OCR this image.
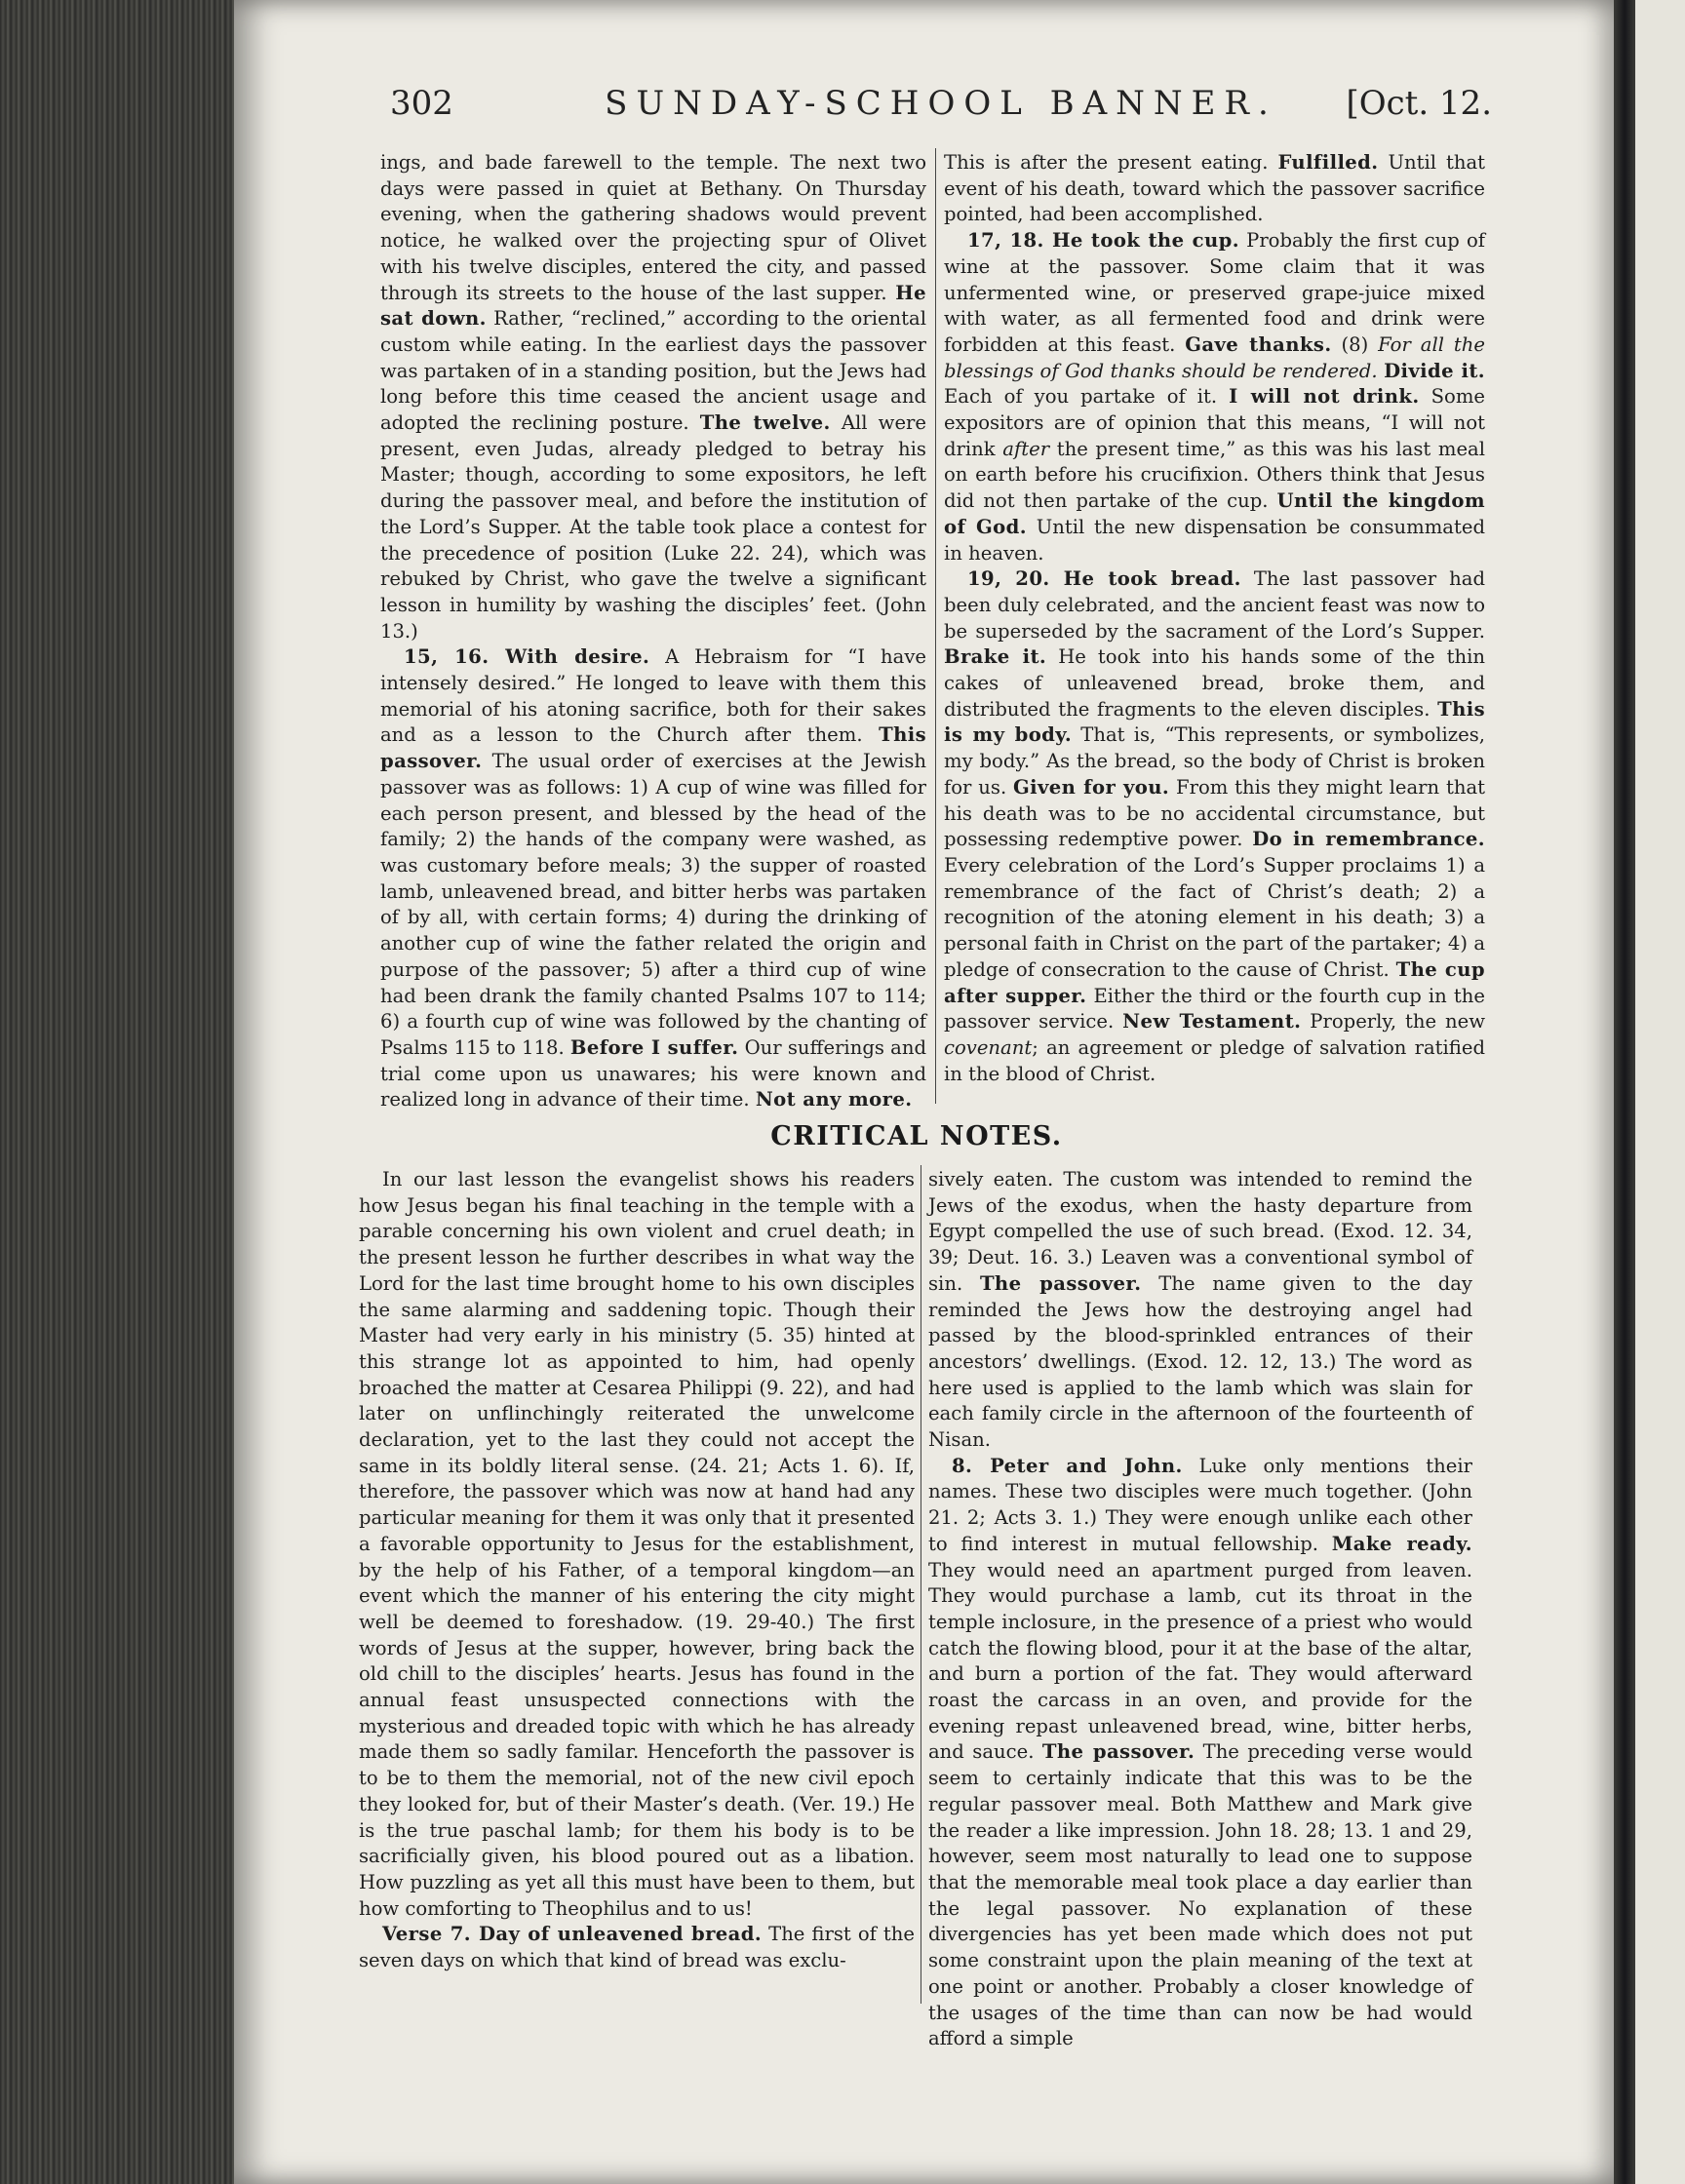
302	SUNDAY-SCHOOL BANNER.	[Oct. 12.

ings, and bade farewell to the temple. The next two days were passed in quiet at Bethany. On Thursday evening, when the gathering shadows would prevent notice, he walked over the projecting spur of Olivet with his twelve disciples, entered the city, and passed through its streets to the house of the last supper. He sat down. Rather, “reclined,” according to the oriental custom while eating. In the earliest days the passover was partaken of in a standing position, but the Jews had long before this time ceased the ancient usage and adopted the reclining posture. The twelve. All were present, even Judas, already pledged to betray his Master; though, according to some expositors, he left during the passover meal, and before the institution of the Lord’s Supper. At the table took place a contest for the precedence of position (Luke 22. 24), which was rebuked by Christ, who gave the twelve a significant lesson in humility by washing the disciples’ feet. (John 13.)

15, 16. With desire. A Hebraism for “I have intensely desired.” He longed to leave with them this memorial of his atoning sacrifice, both for their sakes and as a lesson to the Church after them. This passover. The usual order of exercises at the Jewish passover was as follows: 1) A cup of wine was filled for each person present, and blessed by the head of the family; 2) the hands of the company were washed, as was customary before meals; 3) the supper of roasted lamb, unleavened bread, and bitter herbs was partaken of by all, with certain forms; 4) during the drinking of another cup of wine the father related the origin and purpose of the passover; 5) after a third cup of wine had been drank the family chanted Psalms 107 to 114; 6) a fourth cup of wine was followed by the chanting of Psalms 115 to 118. Before I suffer. Our sufferings and trial come upon us unawares; his were known and realized long in advance of their time. Not any more.

This is after the present eating. Fulfilled. Until that event of his death, toward which the passover sacrifice pointed, had been accomplished.

17, 18. He took the cup. Probably the first cup of wine at the passover. Some claim that it was unfermented wine, or preserved grape-juice mixed with water, as all fermented food and drink were forbidden at this feast. Gave thanks. (8) For all the blessings of God thanks should be rendered. Divide it. Each of you partake of it. I will not drink. Some expositors are of opinion that this means, “I will not drink after the present time,” as this was his last meal on earth before his crucifixion. Others think that Jesus did not then partake of the cup. Until the kingdom of God. Until the new dispensation be consummated in heaven.

19, 20. He took bread. The last passover had been duly celebrated, and the ancient feast was now to be superseded by the sacrament of the Lord’s Supper. Brake it. He took into his hands some of the thin cakes of unleavened bread, broke them, and distributed the fragments to the eleven disciples. This is my body. That is, “This represents, or symbolizes, my body.” As the bread, so the body of Christ is broken for us. Given for you. From this they might learn that his death was to be no accidental circumstance, but possessing redemptive power. Do in remembrance. Every celebration of the Lord’s Supper proclaims 1) a remembrance of the fact of Christ’s death; 2) a recognition of the atoning element in his death; 3) a personal faith in Christ on the part of the partaker; 4) a pledge of consecration to the cause of Christ. The cup after supper. Either the third or the fourth cup in the passover service. New Testament. Properly, the new covenant; an agreement or pledge of salvation ratified in the blood of Christ.

CRITICAL NOTES.

In our last lesson the evangelist shows his readers how Jesus began his final teaching in the temple with a parable concerning his own violent and cruel death; in the present lesson he further describes in what way the Lord for the last time brought home to his own disciples the same alarming and saddening topic. Though their Master had very early in his ministry (5. 35) hinted at this strange lot as appointed to him, had openly broached the matter at Cesarea Philippi (9. 22), and had later on unflinchingly reiterated the unwelcome declaration, yet to the last they could not accept the same in its boldly literal sense. (24. 21; Acts 1. 6). If, therefore, the passover which was now at hand had any particular meaning for them it was only that it presented a favorable opportunity to Jesus for the establishment, by the help of his Father, of a temporal kingdom—an event which the manner of his entering the city might well be deemed to foreshadow. (19. 29-40.) The first words of Jesus at the supper, however, bring back the old chill to the disciples’ hearts. Jesus has found in the annual feast unsuspected connections with the mysterious and dreaded topic with which he has already made them so sadly familar. Henceforth the passover is to be to them the memorial, not of the new civil epoch they looked for, but of their Master’s death. (Ver. 19.) He is the true paschal lamb; for them his body is to be sacrificially given, his blood poured out as a libation. How puzzling as yet all this must have been to them, but how comforting to Theophilus and to us!

Verse 7. Day of unleavened bread. The first of the seven days on which that kind of bread was exclu-

sively eaten. The custom was intended to remind the Jews of the exodus, when the hasty departure from Egypt compelled the use of such bread. (Exod. 12. 34, 39; Deut. 16. 3.) Leaven was a conventional symbol of sin. The passover. The name given to the day reminded the Jews how the destroying angel had passed by the blood-sprinkled entrances of their ancestors’ dwellings. (Exod. 12. 12, 13.) The word as here used is applied to the lamb which was slain for each family circle in the afternoon of the fourteenth of Nisan.

8. Peter and John. Luke only mentions their names. These two disciples were much together. (John 21. 2; Acts 3. 1.) They were enough unlike each other to find interest in mutual fellowship. Make ready. They would need an apartment purged from leaven. They would purchase a lamb, cut its throat in the temple inclosure, in the presence of a priest who would catch the flowing blood, pour it at the base of the altar, and burn a portion of the fat. They would afterward roast the carcass in an oven, and provide for the evening repast unleavened bread, wine, bitter herbs, and sauce. The passover. The preceding verse would seem to certainly indicate that this was to be the regular passover meal. Both Matthew and Mark give the reader a like impression. John 18. 28; 13. 1 and 29, however, seem most naturally to lead one to suppose that the memorable meal took place a day earlier than the legal passover. No explanation of these divergencies has yet been made which does not put some constraint upon the plain meaning of the text at one point or another. Probably a closer knowledge of the usages of the time than can now be had would afford a simple
